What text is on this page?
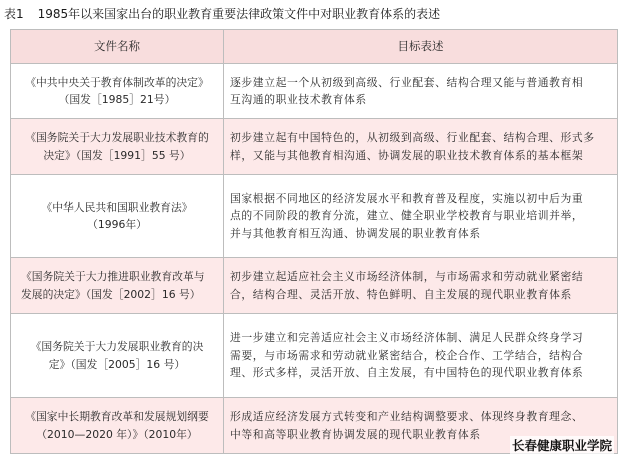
表1 1985年以来国家出台的职业教育重要法律政策文件中对职业教育体系的表述
文件名称	目标表述

《中共中央关于教育体制改革的决定》
（国发［1985］21号）	逐步建立起一个从初级到高级、行业配套、结构合理又能与普通教育相
互沟通的职业技术教育体系

《国务院关于大力发展职业技术教育的
决定》（国发［1991］55 号）	初步建立起有中国特色的，从初级到高级、行业配套、结构合理、形式多
样，又能与其他教育相沟通、协调发展的职业技术教育体系的基本框架

《中华人民共和国职业教育法》
（1996年）	国家根据不同地区的经济发展水平和教育普及程度，实施以初中后为重
点的不同阶段的教育分流，建立、健全职业学校教育与职业培训并举，
并与其他教育相互沟通、协调发展的职业教育体系

《国务院关于大力推进职业教育改革与
发展的决定》（国发［2002］16 号）	初步建立起适应社会主义市场经济体制，与市场需求和劳动就业紧密结
合，结构合理、灵活开放、特色鲜明、自主发展的现代职业教育体系

《国务院关于大力发展职业教育的决
定》（国发［2005］16 号）	进一步建立和完善适应社会主义市场经济体制、满足人民群众终身学习
需要，与市场需求和劳动就业紧密结合，校企合作、工学结合，结构合
理、形式多样，灵活开放、自主发展，有中国特色的现代职业教育体系

《国家中长期教育改革和发展规划纲要
（2010—2020 年）》（2010年）	形成适应经济发展方式转变和产业结构调整要求、体现终身教育理念、
中等和高等职业教育协调发展的现代职业教育体系
长春健康职业学院
